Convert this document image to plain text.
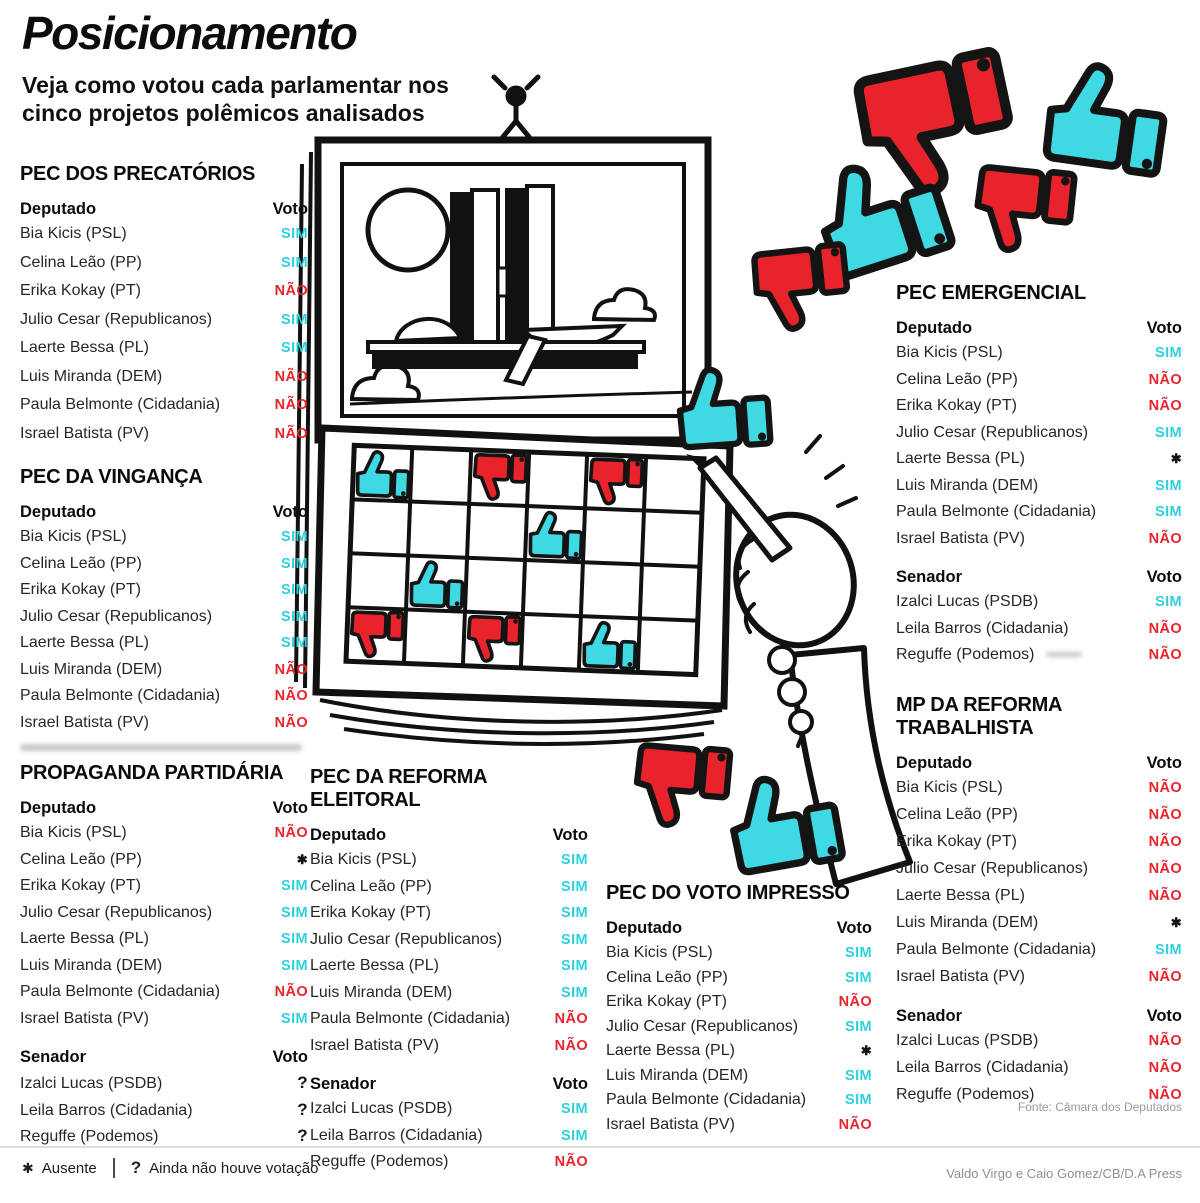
Posicionamento

Veja como votou cada parlamentar nos cinco projetos polêmicos analisados

PEC DOS PRECATÓRIOS
Deputado	Voto
Bia Kicis (PSL)	SIM
Celina Leão (PP)	SIM
Erika Kokay (PT)	NÃO
Julio Cesar (Republicanos)	SIM
Laerte Bessa (PL)	SIM
Luis Miranda (DEM)	NÃO
Paula Belmonte (Cidadania)	NÃO
Israel Batista (PV)	NÃO
PEC DA VINGANÇA
Deputado	Voto
Bia Kicis (PSL)	SIM
Celina Leão (PP)	SIM
Erika Kokay (PT)	SIM
Julio Cesar (Republicanos)	SIM
Laerte Bessa (PL)	SIM
Luis Miranda (DEM)	NÃO
Paula Belmonte (Cidadania)	NÃO
Israel Batista (PV)	NÃO
PROPAGANDA PARTIDÁRIA
Deputado	Voto
Bia Kicis (PSL)	NÃO
Celina Leão (PP)	✱
Erika Kokay (PT)	SIM
Julio Cesar (Republicanos)	SIM
Laerte Bessa (PL)	SIM
Luis Miranda (DEM)	SIM
Paula Belmonte (Cidadania)	NÃO
Israel Batista (PV)	SIM
Senador	Voto
Izalci Lucas (PSDB)	?
Leila Barros (Cidadania)	?
Reguffe (Podemos)	?
PEC DA REFORMA ELEITORAL
Deputado	Voto
Bia Kicis (PSL)	SIM
Celina Leão (PP)	SIM
Erika Kokay (PT)	SIM
Julio Cesar (Republicanos)	SIM
Laerte Bessa (PL)	SIM
Luis Miranda (DEM)	SIM
Paula Belmonte (Cidadania)	NÃO
Israel Batista (PV)	NÃO
Senador	Voto
Izalci Lucas (PSDB)	SIM
Leila Barros (Cidadania)	SIM
Reguffe (Podemos)	NÃO
PEC DO VOTO IMPRESSO
Deputado	Voto
Bia Kicis (PSL)	SIM
Celina Leão (PP)	SIM
Erika Kokay (PT)	NÃO
Julio Cesar (Republicanos)	SIM
Laerte Bessa (PL)	✱
Luis Miranda (DEM)	SIM
Paula Belmonte (Cidadania)	SIM
Israel Batista (PV)	NÃO
PEC EMERGENCIAL
Deputado	Voto
Bia Kicis (PSL)	SIM
Celina Leão (PP)	NÃO
Erika Kokay (PT)	NÃO
Julio Cesar (Republicanos)	SIM
Laerte Bessa (PL)	✱
Luis Miranda (DEM)	SIM
Paula Belmonte (Cidadania)	SIM
Israel Batista (PV)	NÃO
Senador	Voto
Izalci Lucas (PSDB)	SIM
Leila Barros (Cidadania)	NÃO
Reguffe (Podemos)	NÃO
MP DA REFORMA TRABALHISTA
Deputado	Voto
Bia Kicis (PSL)	NÃO
Celina Leão (PP)	NÃO
Erika Kokay (PT)	NÃO
Julio Cesar (Republicanos)	NÃO
Laerte Bessa (PL)	NÃO
Luis Miranda (DEM)	✱
Paula Belmonte (Cidadania)	SIM
Israel Batista (PV)	NÃO
Senador	Voto
Izalci Lucas (PSDB)	NÃO
Leila Barros (Cidadania)	NÃO
Reguffe (Podemos)	NÃO
Fonte: Câmara dos Deputados
✱ Ausente ? Ainda não houve votação	Valdo Virgo e Caio Gomez/CB/D.A Press
